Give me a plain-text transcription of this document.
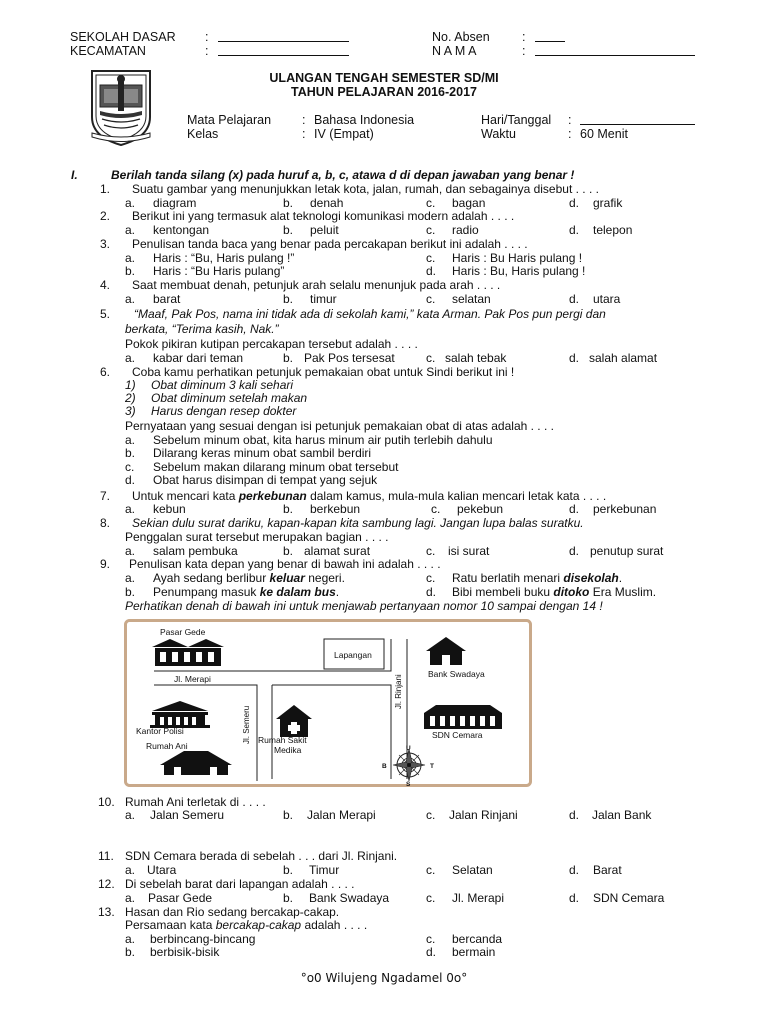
SEKOLAH DASAR :
KECAMATAN	:
No. Absen	:
N A M A	:
ULANGAN TENGAH SEMESTER SD/MI
TAHUN PELAJARAN 2016-2017
Mata Pelajaran : Bahasa Indonesia
Kelas	: IV (Empat)
Hari/Tanggal :
Waktu	: 60 Menit
I.	Berilah tanda silang (x) pada huruf a, b, c, atawa d di depan jawaban yang benar !
1. Suatu gambar yang menunjukkan letak kota, jalan, rumah, dan sebagainya disebut . . . .
a. diagram	b. denah	c. bagan	d. grafik
2. Berikut ini yang termasuk alat teknologi komunikasi modern adalah . . . .
a. kentongan	b. peluit	c. radio	d. telepon
3. Penulisan tanda baca yang benar pada percakapan berikut ini adalah . . . .
a. Haris : “Bu, Haris pulang !”	c. Haris : Bu Haris pulang !
b. Haris : “Bu Haris pulang”	d. Haris : Bu, Haris pulang !
4. Saat membuat denah, petunjuk arah selalu menunjuk pada arah . . . .
a. barat	b. timur	c. selatan	d. utara
5. “Maaf, Pak Pos, nama ini tidak ada di sekolah kami,” kata Arman. Pak Pos pun pergi dan
berkata, “Terima kasih, Nak.”
Pokok pikiran kutipan percakapan tersebut adalah . . . .
a. kabar dari teman	b. Pak Pos tersesat	c. salah tebak	d. salah alamat
6. Coba kamu perhatikan petunjuk pemakaian obat untuk Sindi berikut ini !
1) Obat diminum 3 kali sehari
2) Obat diminum setelah makan
3) Harus dengan resep dokter
Pernyataan yang sesuai dengan isi petunjuk pemakaian obat di atas adalah . . . .
a. Sebelum minum obat, kita harus minum air putih terlebih dahulu
b. Dilarang keras minum obat sambil berdiri
c. Sebelum makan dilarang minum obat tersebut
d. Obat harus disimpan di tempat yang sejuk
7. Untuk mencari kata perkebunan dalam kamus, mula-mula kalian mencari letak kata . . . .
a. kebun	b. berkebun	c. pekebun	d. perkebunan
8. Sekian dulu surat dariku, kapan-kapan kita sambung lagi. Jangan lupa balas suratku.
Penggalan surat tersebut merupakan bagian . . . .
a. salam pembuka	b. alamat surat	c. isi surat	d. penutup surat
9. Penulisan kata depan yang benar di bawah ini adalah . . . .
a. Ayah sedang berlibur keluar negeri.	c. Ratu berlatih menari disekolah.
b. Penumpang masuk ke dalam bus.	d. Bibi membeli buku ditoko Era Muslim.
Perhatikan denah di bawah ini untuk menjawab pertanyaan nomor 10 sampai dengan 14 !
Pasar Gede
Lapangan
Jl. Merapi	Jl. Rinjani
Bank Swadaya
Kantor Polisi	Jl. Semeru Rumah Sakit
Medika
Rumah Ani
SDN Cemara
U
S
B	T
10. Rumah Ani terletak di . . . .
a. Jalan Semeru	b. Jalan Merapi	c. Jalan Rinjani	d. Jalan Bank
11. SDN Cemara berada di sebelah . . . dari Jl. Rinjani.
a. Utara	b. Timur	c. Selatan	d. Barat
12. Di sebelah barat dari lapangan adalah . . . .
a. Pasar Gede	b. Bank Swadaya	c. Jl. Merapi	d. SDN Cemara
13. Hasan dan Rio sedang bercakap-cakap.
Persamaan kata bercakap-cakap adalah . . . .
a. berbincang-bincang	c. bercanda
b. berbisik-bisik	d. bermain
°o0 Wilujeng Ngadamel 0o°
